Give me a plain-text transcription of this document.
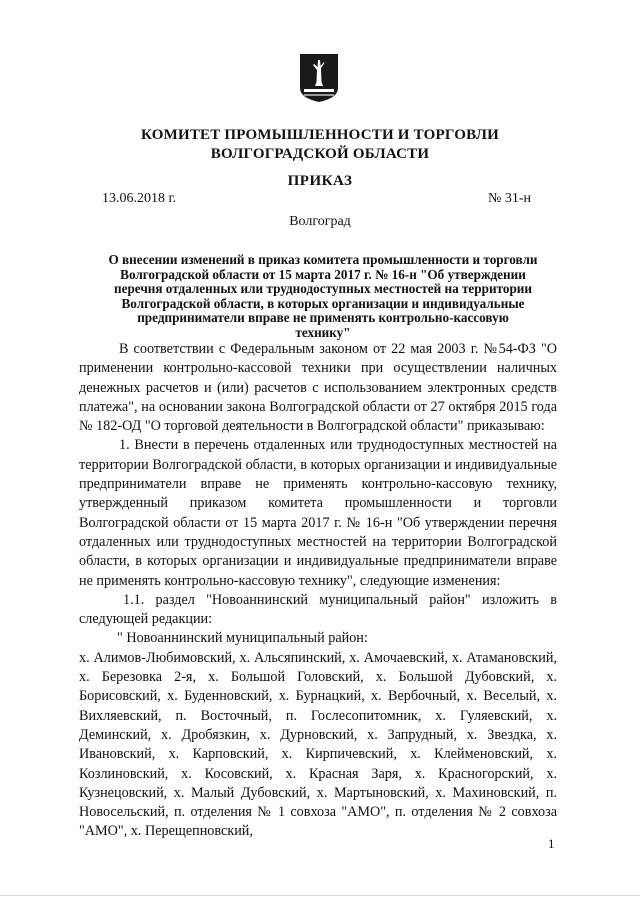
КОМИТЕТ ПРОМЫШЛЕННОСТИ И ТОРГОВЛИ
ВОЛГОГРАДСКОЙ ОБЛАСТИ
ПРИКАЗ
13.06.2018 г.	№ 31-н
Волгоград
О внесении изменений в приказ комитета промышленности и торговли Волгоградской области от 15 марта 2017 г. № 16-н "Об утверждении перечня отдаленных или труднодоступных местностей на территории Волгоградской области, в которых организации и индивидуальные предприниматели вправе не применять контрольно-кассовую технику"

В соответствии с Федеральным законом от 22 мая 2003 г. №54-ФЗ "О применении контрольно-кассовой техники при осуществлении наличных денежных расчетов и (или) расчетов с использованием электронных средств платежа", на основании закона Волгоградской области от 27 октября 2015 года № 182-ОД "О торговой деятельности в Волгоградской области" приказываю:

1. Внести в перечень отдаленных или труднодоступных местностей на территории Волгоградской области, в которых организации и индивидуальные предприниматели вправе не применять контрольно-кассовую технику, утвержденный приказом комитета промышленности и торговли Волгоградской области от 15 марта 2017 г. № 16-н "Об утверждении перечня отдаленных или труднодоступных местностей на территории Волгоградской области, в которых организации и индивидуальные предприниматели вправе не применять контрольно-кассовую технику", следующие изменения:

1.1. раздел "Новоаннинский муниципальный район" изложить в следующей редакции:

" Новоаннинский муниципальный район:

х. Алимов-Любимовский, х. Альсяпинский, х. Амочаевский, х. Атамановский, х. Березовка 2-я, х. Большой Головский, х. Большой Дубовский, х. Борисовский, х. Буденновский, х. Бурнацкий, х. Вербочный, х. Веселый, х. Вихляевский, п. Восточный, п. Гослесопитомник, х. Гуляевский, х. Деминский, х. Дробязкин, х. Дурновский, х. Запрудный, х. Звездка, х. Ивановский, х. Карповский, х. Кирпичевский, х. Клейменовский, х. Козлиновский, х. Косовский, х. Красная Заря, х. Красногорский, х. Кузнецовский, х. Малый Дубовский, х. Мартыновский, х. Махиновский, п. Новосельский, п. отделения № 1 совхоза "АМО", п. отделения № 2 совхоза "АМО", х. Перещепновский,

1
